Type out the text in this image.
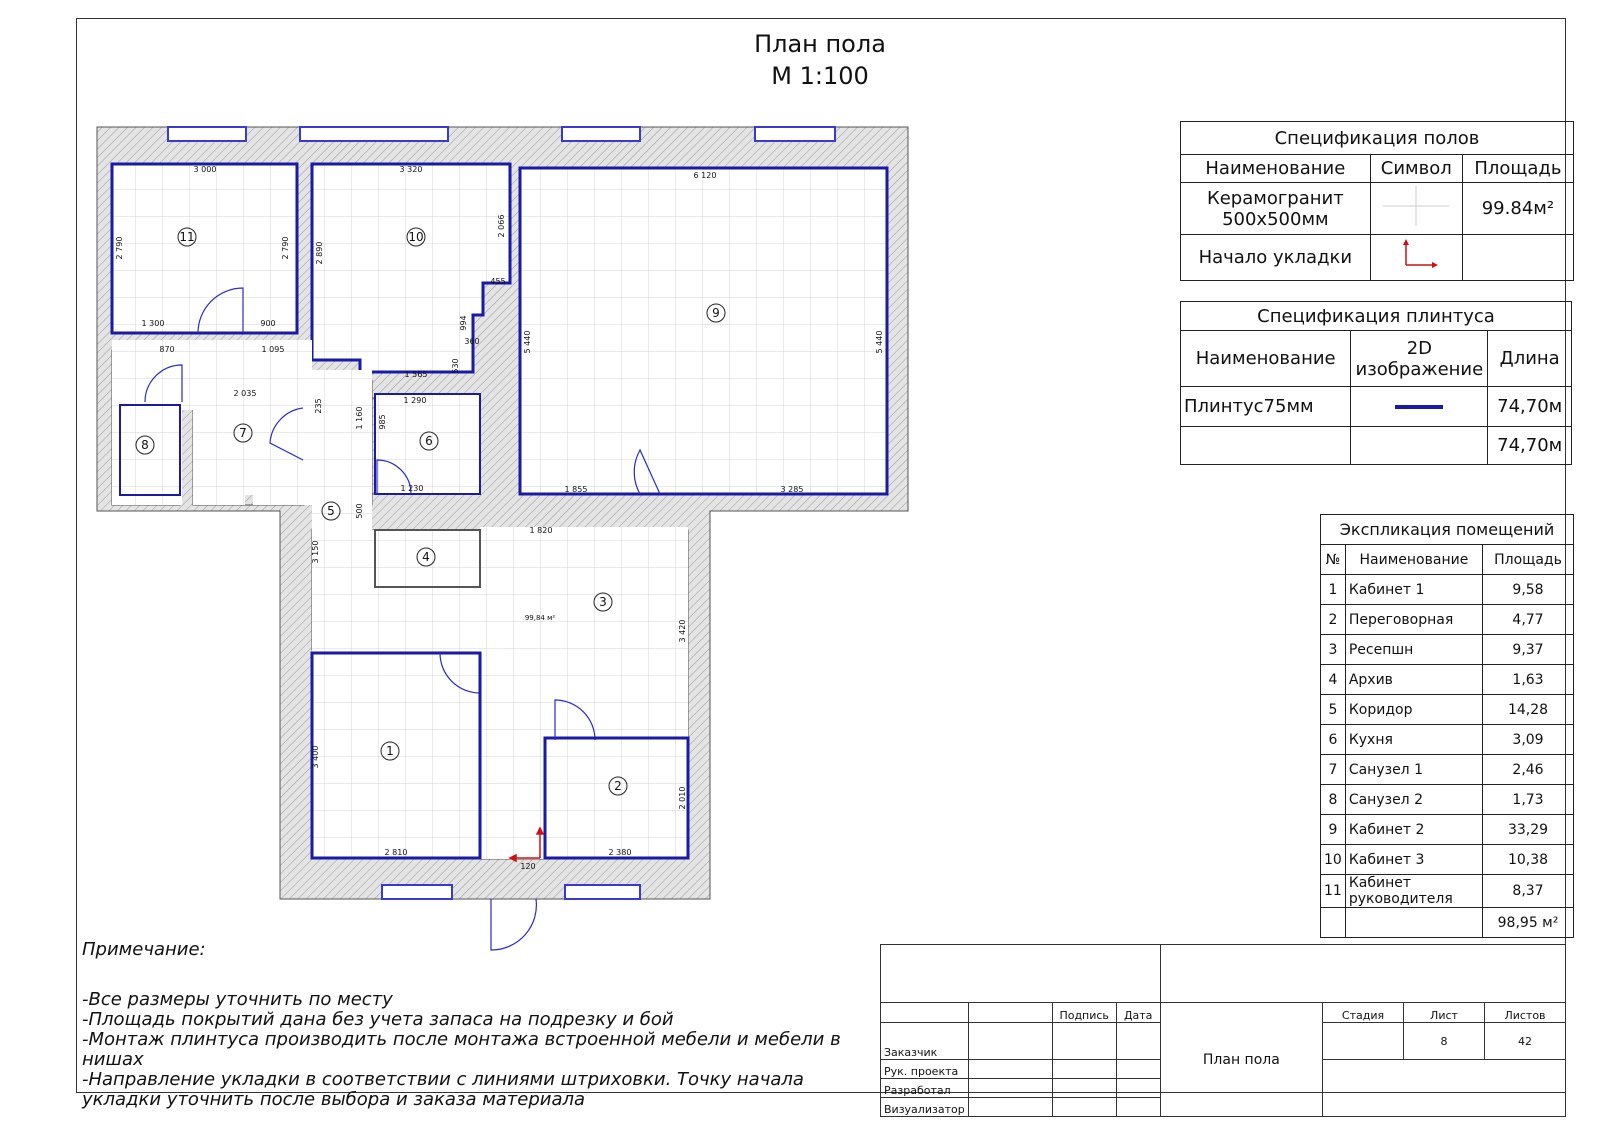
План пола
М 1:100
11	10
9
8
7
6
5
4
3
1
2
3 000	3 320
6 120
2 790	2 790	2 890
2 066
455
994
360
530
1 565
1 300	900
870	1 095
2 035
235
1 160 985
1 290
1 230
500
5 440	5 440
1 855	3 285
1 820
3 150
3 420
3 400
2 010
2 810	2 380
120
99,84 м²
Спецификация полов		
Наименование	Символ	Площадь

Керамогранит
500х500мм		99.84м²
Начало укладки		
Спецификация плинтуса		
Наименование	2D изображение	Длина
Плинтус75мм		74,70м
		74,70м
Экспликация помещений		
№	Наименование	Площадь
1	Кабинет 1	9,58
2	Переговорная	4,77
3	Ресепшн	9,37
4	Архив	1,63
5	Коридор	14,28
6	Кухня	3,09
7	Санузел 1	2,46
8	Санузел 2	1,73
9	Кабинет 2	33,29
10	Кабинет 3	10,38
11	Кабинет руководителя	8,37
		98,95 м²
Примечание:
-Все размеры уточнить по месту
-Площадь покрытий дана без учета запаса на подрезку и бой
-Монтаж плинтуса производить после монтажа встроенной мебели и мебели в нишах
-Направление укладки в соответствии с линиями штриховки. Точку начала укладки уточнить после выбора и заказа материала

		Подпись	Дата	План пола	Стадия	Лист	Листов
Заказчик						8	42
Рук. проекта							
Разработал							
Визуализатор							
